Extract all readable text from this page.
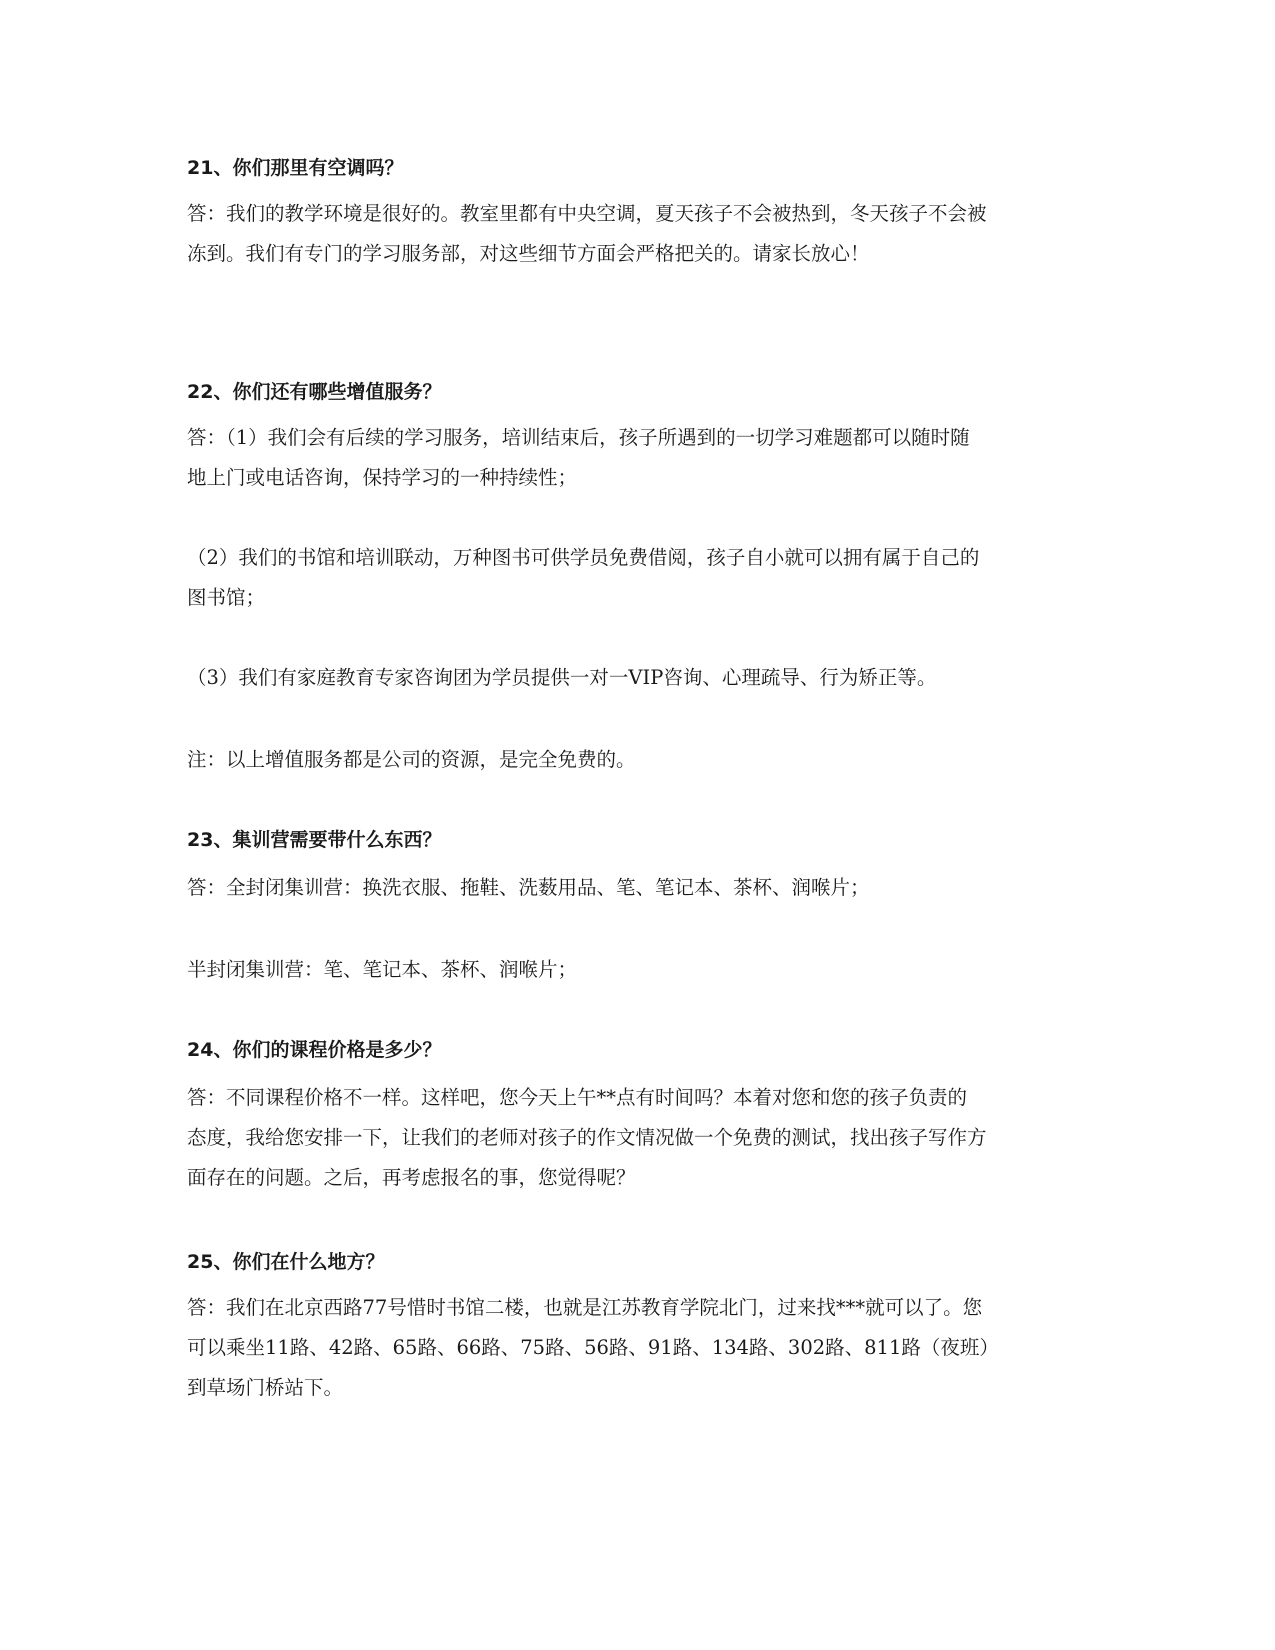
21、你们那里有空调吗？

答：我们的教学环境是很好的。教室里都有中央空调，夏天孩子不会被热到，冬天孩子不会被

冻到。我们有专门的学习服务部，对这些细节方面会严格把关的。请家长放心！

22、你们还有哪些增值服务？

答：（1）我们会有后续的学习服务，培训结束后，孩子所遇到的一切学习难题都可以随时随

地上门或电话咨询，保持学习的一种持续性；

（2）我们的书馆和培训联动，万种图书可供学员免费借阅，孩子自小就可以拥有属于自己的

图书馆；

（3）我们有家庭教育专家咨询团为学员提供一对一VIP咨询、心理疏导、行为矫正等。

注：以上增值服务都是公司的资源，是完全免费的。

23、集训营需要带什么东西？

答：全封闭集训营：换洗衣服、拖鞋、洗薮用品、笔、笔记本、茶杯、润喉片；

半封闭集训营：笔、笔记本、茶杯、润喉片；

24、你们的课程价格是多少？

答：不同课程价格不一样。这样吧，您今天上午**点有时间吗？本着对您和您的孩子负责的

态度，我给您安排一下，让我们的老师对孩子的作文情况做一个免费的测试，找出孩子写作方

面存在的问题。之后，再考虑报名的事，您觉得呢？

25、你们在什么地方？

答：我们在北京西路77号惜时书馆二楼，也就是江苏教育学院北门，过来找***就可以了。您

可以乘坐11路、42路、65路、66路、75路、56路、91路、134路、302路、811路（夜班）

到草场门桥站下。
